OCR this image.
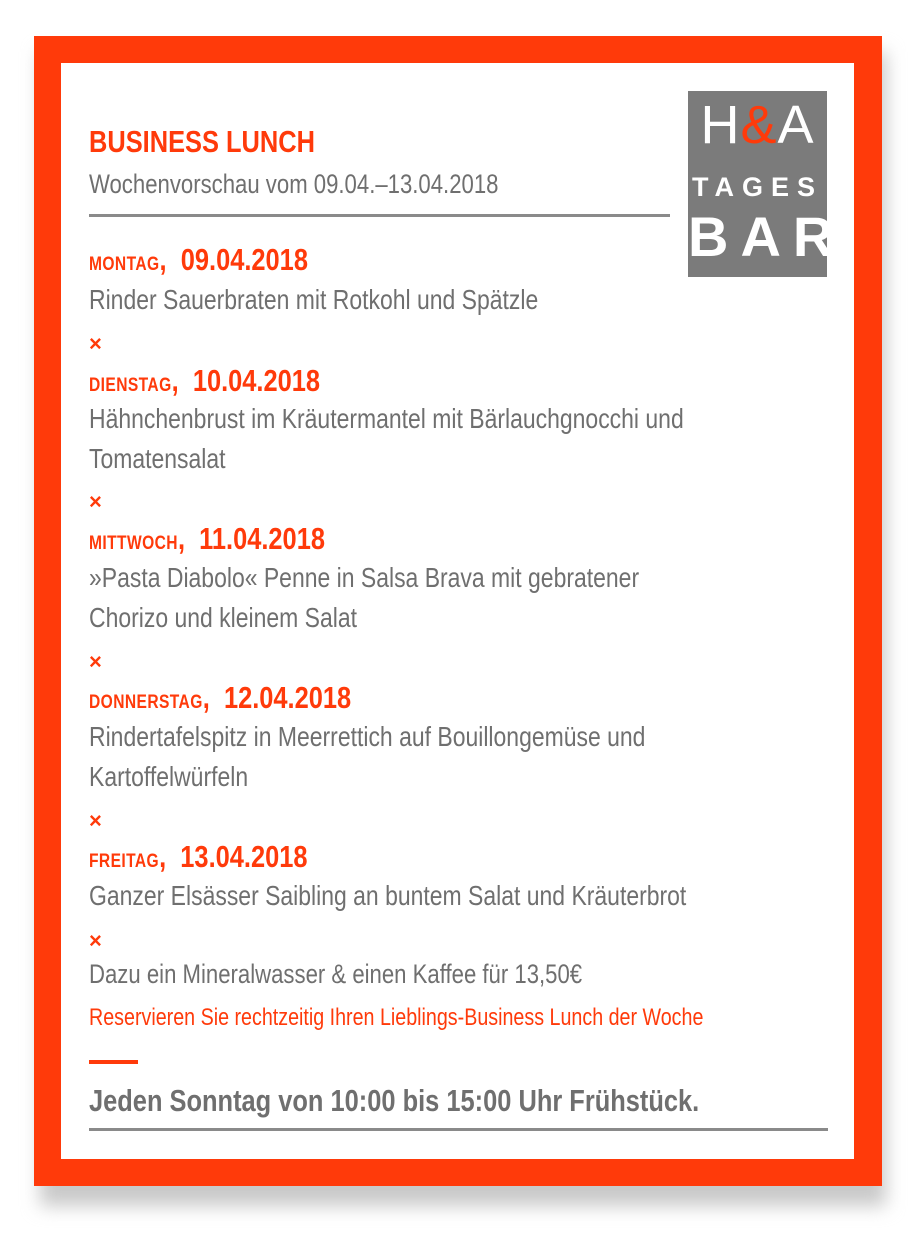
H&A
TAGES
BAR
BUSINESS LUNCH
Wochenvorschau vom 09.04.–13.04.2018
MONTAG,  09.04.2018
Rinder Sauerbraten mit Rotkohl und Spätzle
×
DIENSTAG,  10.04.2018
Hähnchenbrust im Kräutermantel mit Bärlauchgnocchi und Tomatensalat
×
MITTWOCH,  11.04.2018
»Pasta Diabolo« Penne in Salsa Brava mit gebratener Chorizo und kleinem Salat
×
DONNERSTAG,  12.04.2018
Rindertafelspitz in Meerrettich auf Bouillongemüse und Kartoffelwürfeln
×
FREITAG,  13.04.2018
Ganzer Elsässer Saibling an buntem Salat und Kräuterbrot
×
Dazu ein Mineralwasser & einen Kaffee für 13,50€
Reservieren Sie rechtzeitig Ihren Lieblings-Business Lunch der Woche
Jeden Sonntag von 10:00 bis 15:00 Uhr Frühstück.
